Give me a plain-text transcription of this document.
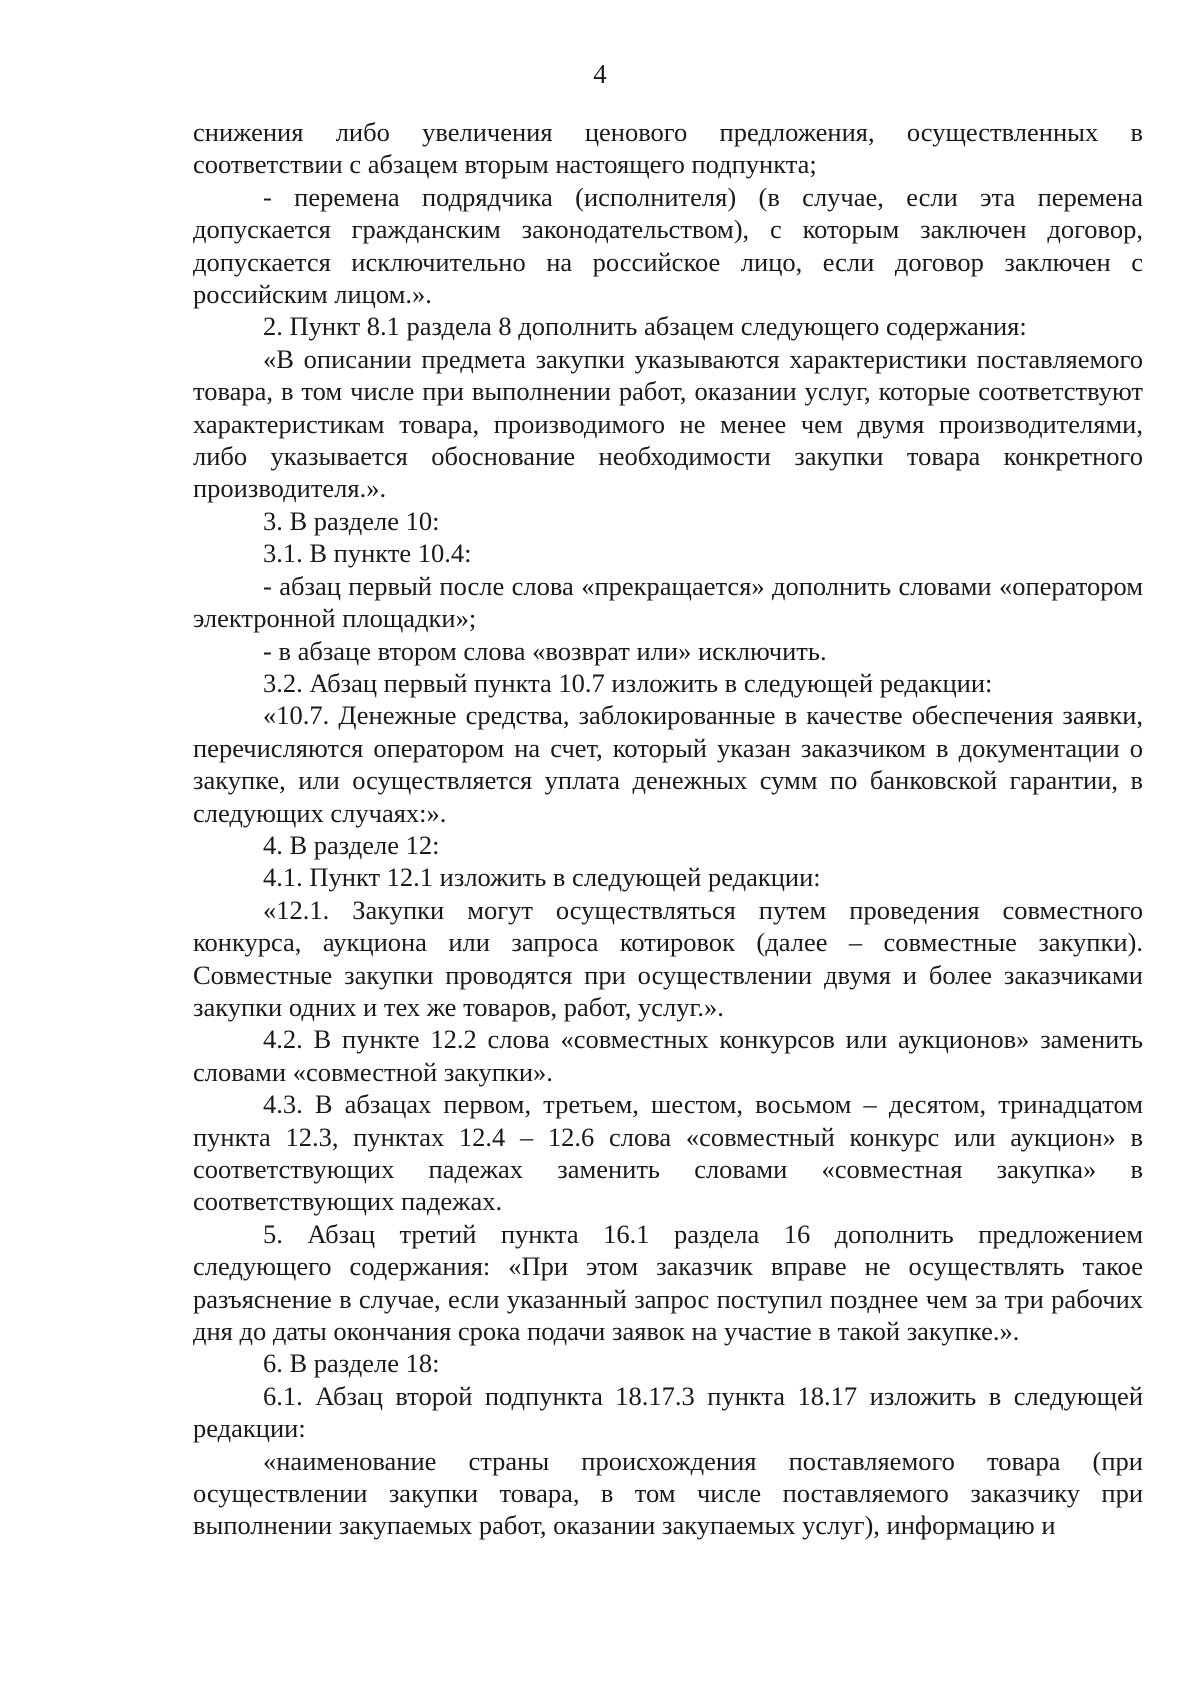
4

снижения либо увеличения ценового предложения, осуществленных в соответствии с абзацем вторым настоящего подпункта;

- перемена подрядчика (исполнителя) (в случае, если эта перемена допускается гражданским законодательством), с которым заключен договор, допускается исключительно на российское лицо, если договор заключен с российским лицом.».

2. Пункт 8.1 раздела 8 дополнить абзацем следующего содержания:

«В описании предмета закупки указываются характеристики поставляемого товара, в том числе при выполнении работ, оказании услуг, которые соответствуют характеристикам товара, производимого не менее чем двумя производителями, либо указывается обоснование необходимости закупки товара конкретного производителя.».

3. В разделе 10:

3.1. В пункте 10.4:

- абзац первый после слова «прекращается» дополнить словами «оператором электронной площадки»;

- в абзаце втором слова «возврат или» исключить.

3.2. Абзац первый пункта 10.7 изложить в следующей редакции:

«10.7. Денежные средства, заблокированные в качестве обеспечения заявки, перечисляются оператором на счет, который указан заказчиком в документации о закупке, или осуществляется уплата денежных сумм по банковской гарантии, в следующих случаях:».

4. В разделе 12:

4.1. Пункт 12.1 изложить в следующей редакции:

«12.1. Закупки могут осуществляться путем проведения совместного конкурса, аукциона или запроса котировок (далее – совместные закупки). Совместные закупки проводятся при осуществлении двумя и более заказчиками закупки одних и тех же товаров, работ, услуг.».

4.2. В пункте 12.2 слова «совместных конкурсов или аукционов» заменить словами «совместной закупки».

4.3. В абзацах первом, третьем, шестом, восьмом – десятом, тринадцатом пункта 12.3, пунктах 12.4 – 12.6 слова «совместный конкурс или аукцион» в соответствующих падежах заменить словами «совместная закупка» в соответствующих падежах.

5. Абзац третий пункта 16.1 раздела 16 дополнить предложением следующего содержания: «При этом заказчик вправе не осуществлять такое разъяснение в случае, если указанный запрос поступил позднее чем за три рабочих дня до даты окончания срока подачи заявок на участие в такой закупке.».

6. В разделе 18:

6.1. Абзац второй подпункта 18.17.3 пункта 18.17 изложить в следующей редакции:

«наименование страны происхождения поставляемого товара (при осуществлении закупки товара, в том числе поставляемого заказчику при выполнении закупаемых работ, оказании закупаемых услуг), информацию и
